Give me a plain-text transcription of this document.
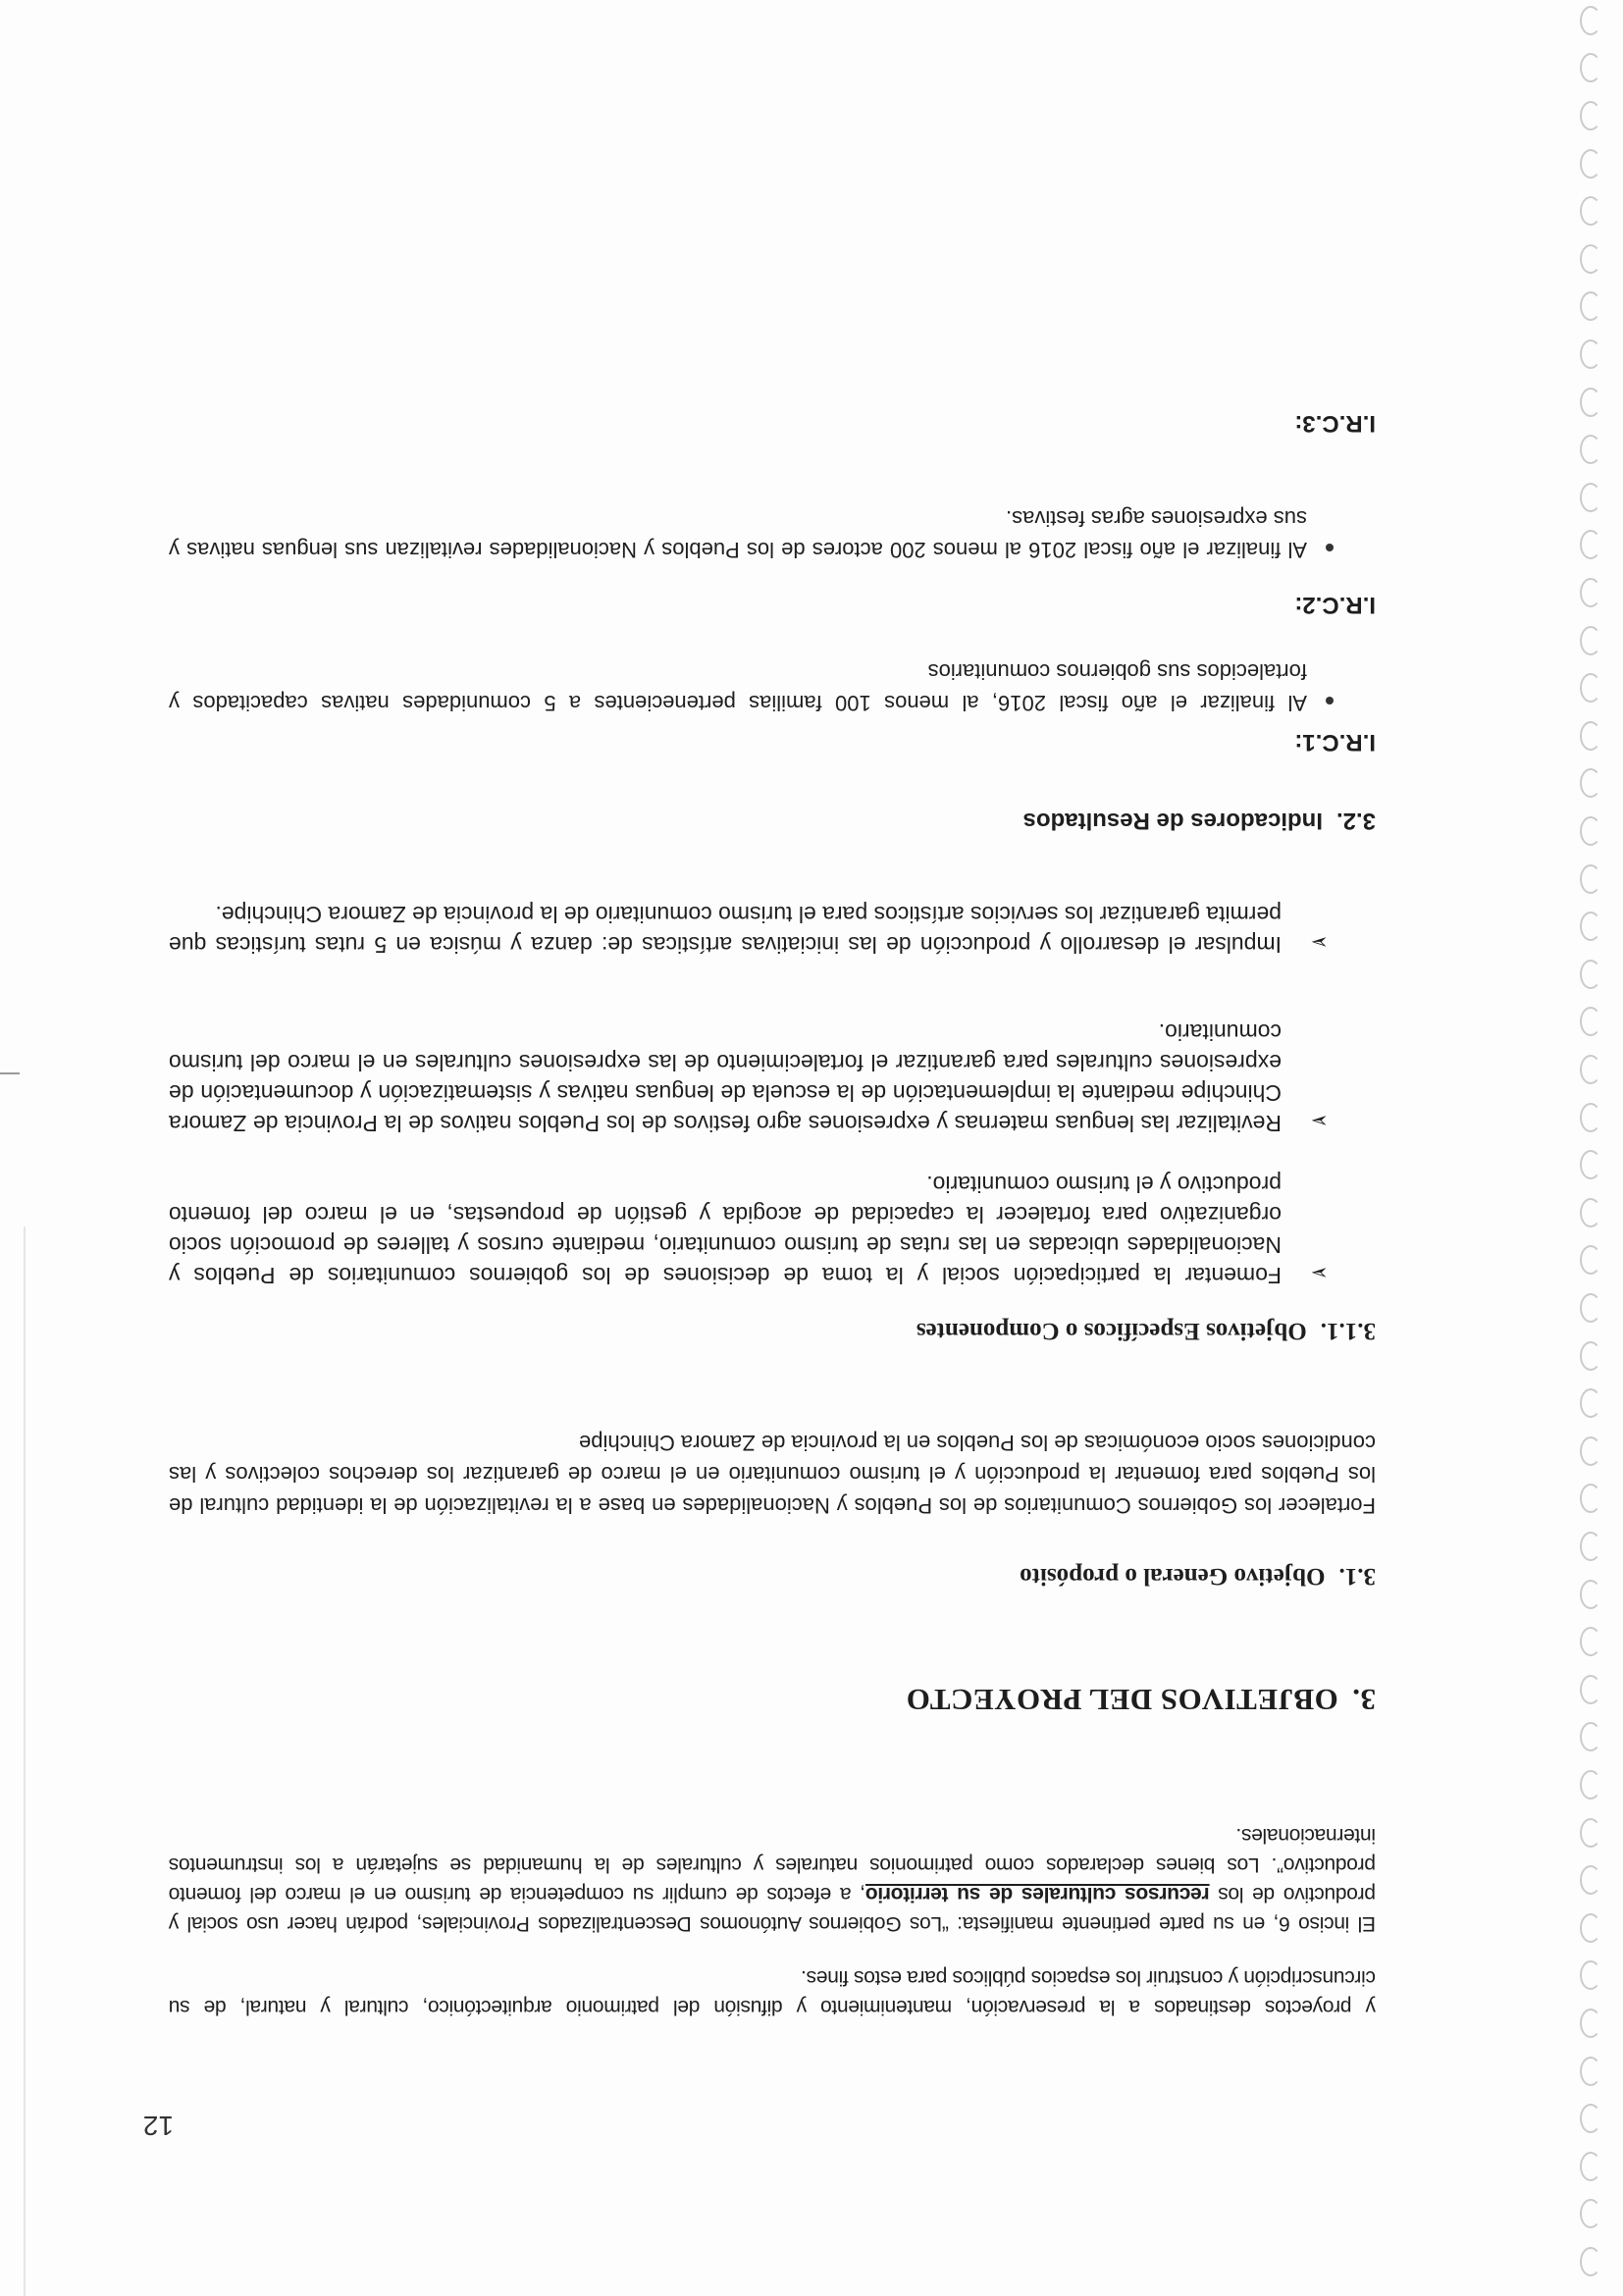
12

y proyectos destinados a la preservación, mantenimiento y difusión del patrimonio arquitectónico, cultural y natural, de su circunscripción y construir los espacios públicos para estos fines.

El inciso 6, en su parte pertinente manifiesta: “Los Gobiernos Autónomos Descentralizados Provinciales, podrán hacer uso social y productivo de los recursos culturales de su territorio, a efectos de cumplir su competencia de turismo en el marco del fomento productivo”. Los bienes declarados como patrimonios naturales y culturales de la humanidad se sujetarán a los instrumentos internacionales.

3.OBJETIVOS DEL PROYECTO
3.1.Objetivo General o propósito

Fortalecer los Gobiernos Comunitarios de los Pueblos y Nacionalidades en base a la revitalización de la identidad cultural de los Pueblos para fomentar la producción y el turismo comunitario en el marco de garantizar los derechos colectivos y las condiciones socio económicas de los Pueblos en la provincia de Zamora Chinchipe

3.1.1.Objetivos Específicos o Componentes
➢

Fomentar la participación social y la toma de decisiones de los gobiernos comunitarios de Pueblos y Nacionalidades ubicadas en las rutas de turismo comunitario, mediante cursos y talleres de promoción socio organizativo para fortalecer la capacidad de acogida y gestión de propuestas, en el marco del fomento productivo y el turismo comunitario.

➢

Revitalizar las lenguas maternas y expresiones agro festivos de los Pueblos nativos de la Provincia de Zamora Chinchipe mediante la implementación de la escuela de lenguas nativas y sistematización y documentación de expresiones culturales para garantizar el fortalecimiento de las expresiones culturales en el marco del turismo comunitario.

➢

Impulsar el desarrollo y producción de las iniciativas artísticas de: danza y música en 5 rutas turísticas que permita garantizar los servicios artísticos para el turismo comunitario de la provincia de Zamora Chinchipe.

3.2.Indicadores de Resultados
I.R.C.1:

Al finalizar el año fiscal 2016, al menos 100 familias pertenecientes a 5 comunidades nativas capacitados y fortalecidos sus gobiernos comunitarios

I.R.C.2:

Al finalizar el año fiscal 2016 al menos 200 actores de los Pueblos y Nacionalidades revitalizan sus lenguas nativas y sus expresiones agras festivas.

I.R.C.3:
